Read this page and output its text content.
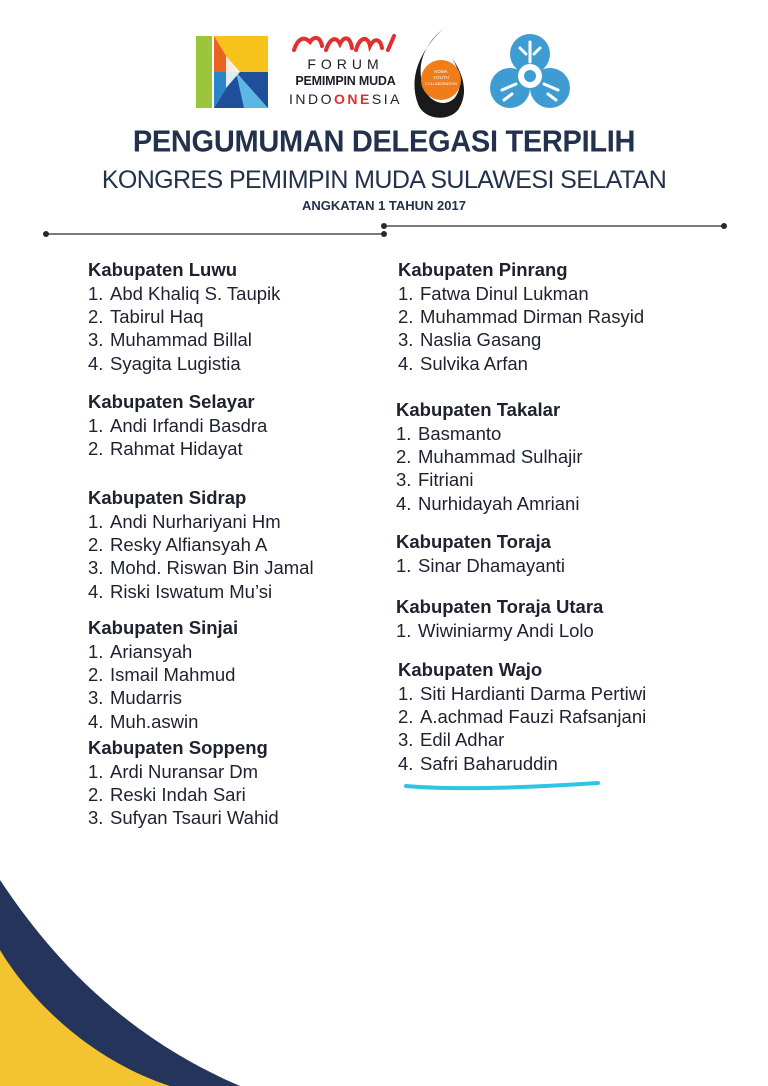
FORUM
PEMIMPIN MUDA
INDOONESIA
KOMA
YOUTH
COLLABORATION
PENGUMUMAN DELEGASI TERPILIH
KONGRES PEMIMPIN MUDA SULAWESI SELATAN
ANGKATAN 1 TAHUN 2017
Kabupaten Luwu
1. Abd Khaliq S. Taupik
2. Tabirul Haq
3. Muhammad Billal
4. Syagita Lugistia
Kabupaten Selayar
1. Andi Irfandi Basdra
2. Rahmat Hidayat
Kabupaten Sidrap
1. Andi Nurhariyani Hm
2. Resky Alfiansyah A
3. Mohd. Riswan Bin Jamal
4. Riski Iswatum Mu’si
Kabupaten Sinjai
1. Ariansyah
2. Ismail Mahmud
3. Mudarris
4. Muh.aswin
Kabupaten Soppeng
1. Ardi Nuransar Dm
2. Reski Indah Sari
3. Sufyan Tsauri Wahid
Kabupaten Pinrang
1. Fatwa Dinul Lukman
2. Muhammad Dirman Rasyid
3. Naslia Gasang
4. Sulvika Arfan
Kabupaten Takalar
1. Basmanto
2. Muhammad Sulhajir
3. Fitriani
4. Nurhidayah Amriani
Kabupaten Toraja
1. Sinar Dhamayanti
Kabupaten Toraja Utara
1. Wiwiniarmy Andi Lolo
Kabupaten Wajo
1. Siti Hardianti Darma Pertiwi
2. A.achmad Fauzi Rafsanjani
3. Edil Adhar
4. Safri Baharuddin
